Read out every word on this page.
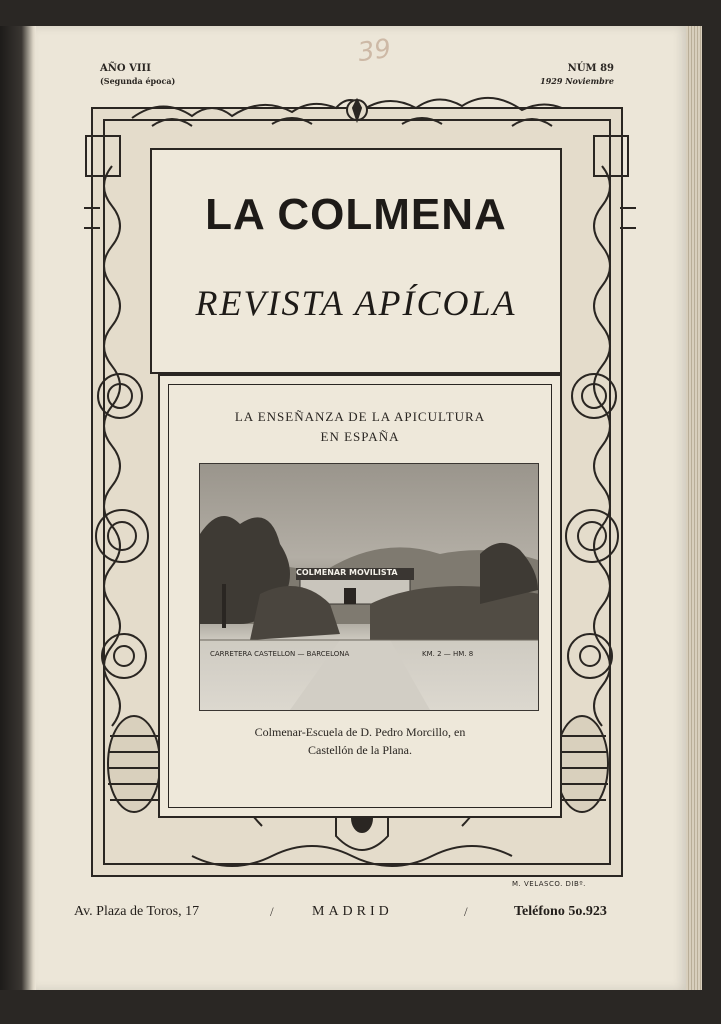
AÑO VIII
(Segunda época)
NÚM 89
1929 Noviembre
39
LA COLMENA
REVISTA APÍCOLA
LA ENSEÑANZA DE LA APICULTURA
EN ESPAÑA
COLMENAR MOVILISTA
CARRETERA CASTELLON — BARCELONA	KM. 2 — HM. 8
Colmenar-Escuela de D. Pedro Morcillo, en
Castellón de la Plana.
M. VELASCO. DIBº.
Av. Plaza de Toros, 17	/	MADRID	/	Teléfono 5o.923
